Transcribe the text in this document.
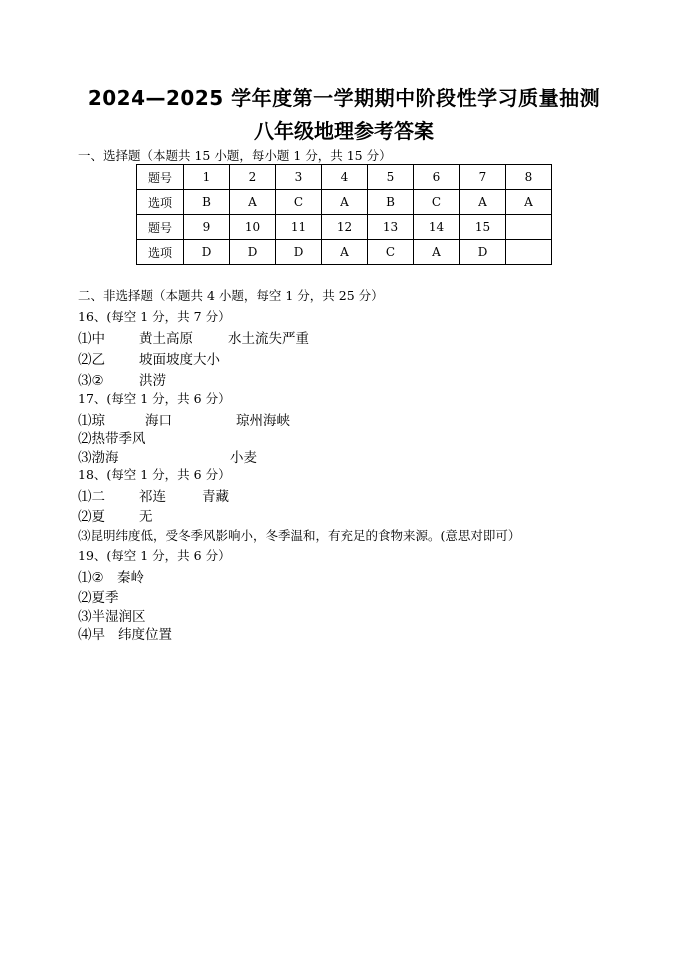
2024—2025 学年度第一学期期中阶段性学习质量抽测
八年级地理参考答案
一、选择题（本题共 15 小题，每小题 1 分，共 15 分）
题号	1	2	3	4	5	6	7	8
选项	B	A	C	A	B	C	A	A
题号	9	10	11	12	13	14	15	
选项	D	D	D	A	C	A	D	
二、非选择题（本题共 4 小题，每空 1 分，共 25 分）
16、(每空 1 分，共 7 分）
⑴中	黄土高原	水土流失严重
⑵乙	坡面坡度大小
⑶②	洪涝
17、(每空 1 分，共 6 分）
⑴琼	海口	琼州海峡
⑵热带季风
⑶渤海	小麦
18、(每空 1 分，共 6 分）
⑴二	祁连	青藏
⑵夏	无
⑶昆明纬度低，受冬季风影响小，冬季温和，有充足的食物来源。(意思对即可）
19、(每空 1 分，共 6 分）
⑴② 秦岭
⑵夏季
⑶半湿润区
⑷早 纬度位置
